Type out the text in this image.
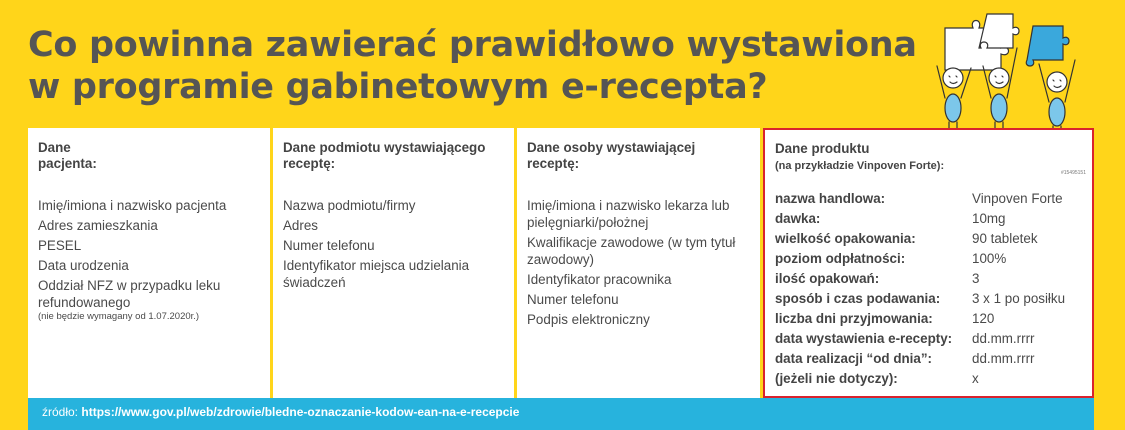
Co powinna zawierać prawidłowo wystawiona
w programie gabinetowym e-recepta?

Dane
pacjenta:

Imię/imiona i nazwisko pacjenta
Adres zamieszkania
PESEL
Data urodzenia
Oddział NFZ w przypadku leku refundowanego
(nie będzie wymagany od 1.07.2020r.)

Dane podmiotu wystawiającego
receptę:

Nazwa podmiotu/firmy
Adres
Numer telefonu
Identyfikator miejsca udzielania świadczeń

Dane osoby wystawiającej
receptę:

Imię/imiona i nazwisko lekarza lub pielęgniarki/położnej
Kwalifikacje zawodowe (w tym tytuł zawodowy)
Identyfikator pracownika
Numer telefonu
Podpis elektroniczny

Dane produktu
(na przykładzie Vinpoven Forte):

#15495151
nazwa handlowa:	Vinpoven Forte
dawka:	10mg
wielkość opakowania:	90 tabletek
poziom odpłatności:	100%
ilość opakowań:	3
sposób i czas podawania:	3 x 1 po posiłku
liczba dni przyjmowania:	120
data wystawienia e-recepty:	dd.mm.rrrr
data realizacji “od dnia”:	dd.mm.rrrr
(jeżeli nie dotyczy):	x
źródło: https://www.gov.pl/web/zdrowie/bledne-oznaczanie-kodow-ean-na-e-recepcie
